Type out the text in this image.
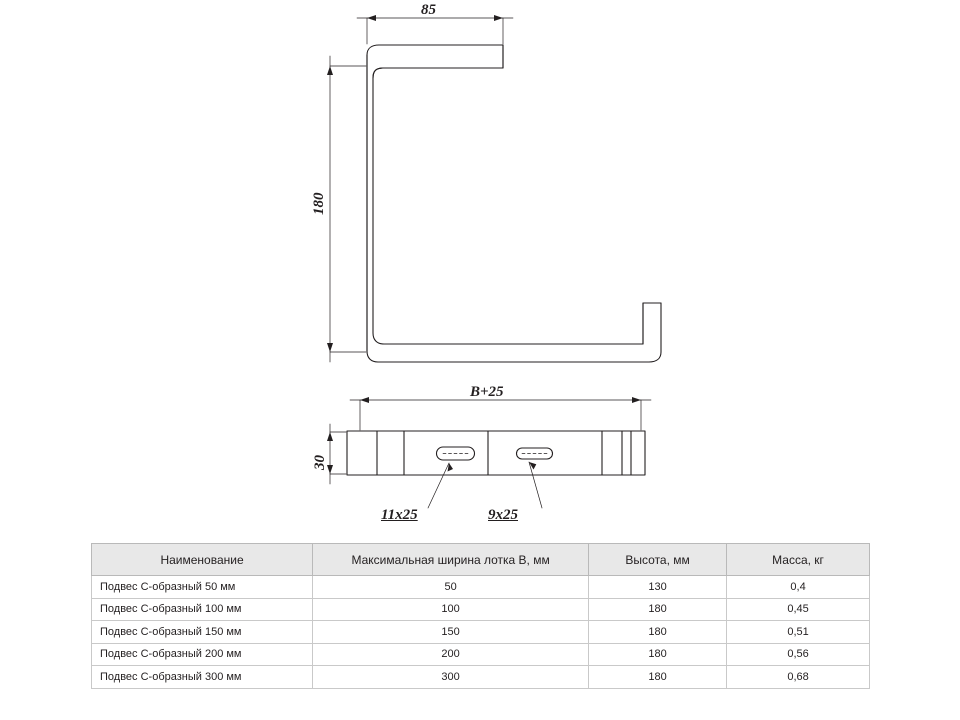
85
180
B+25
30
11x25	9x25
Наименование	Максимальная ширина лотка B, мм	Высота, мм	Масса, кг
Подвес С-образный 50 мм	50	130	0,4
Подвес С-образный 100 мм	100	180	0,45
Подвес С-образный 150 мм	150	180	0,51
Подвес С-образный 200 мм	200	180	0,56
Подвес С-образный 300 мм	300	180	0,68
